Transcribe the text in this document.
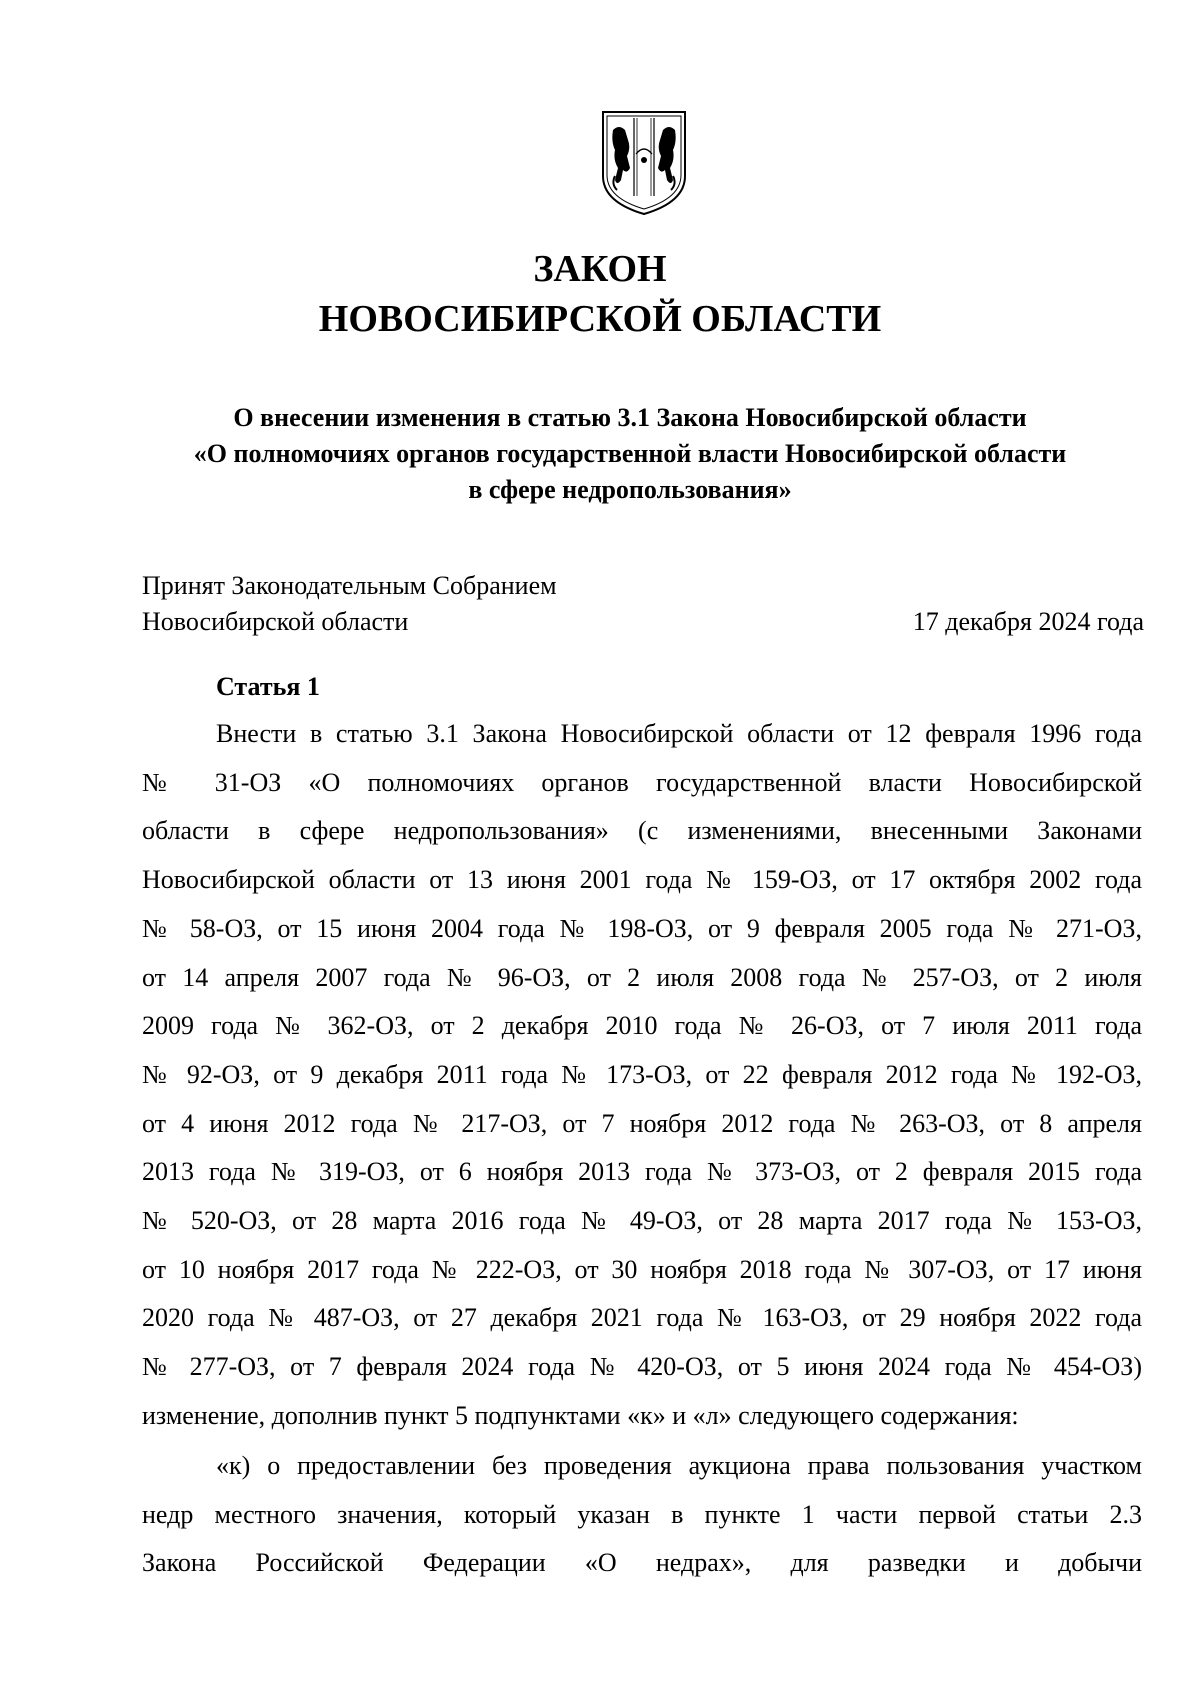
ЗАКОН
НОВОСИБИРСКОЙ ОБЛАСТИ
О внесении изменения в статью 3.1 Закона Новосибирской области
«О полномочиях органов государственной власти Новосибирской области
в сфере недропользования»
Принят Законодательным Собранием
Новосибирской области	17 декабря 2024 года
Статья 1
Внести в статью 3.1 Закона Новосибирской области от 12 февраля 1996 года
№ 31-ОЗ «О полномочиях органов государственной власти Новосибирской
области в сфере недропользования» (с изменениями, внесенными Законами
Новосибирской области от 13 июня 2001 года № 159-ОЗ, от 17 октября 2002 года
№ 58-ОЗ, от 15 июня 2004 года № 198-ОЗ, от 9 февраля 2005 года № 271-ОЗ,
от 14 апреля 2007 года № 96-ОЗ, от 2 июля 2008 года № 257-ОЗ, от 2 июля
2009 года № 362-ОЗ, от 2 декабря 2010 года № 26-ОЗ, от 7 июля 2011 года
№ 92-ОЗ, от 9 декабря 2011 года № 173-ОЗ, от 22 февраля 2012 года № 192-ОЗ,
от 4 июня 2012 года № 217-ОЗ, от 7 ноября 2012 года № 263-ОЗ, от 8 апреля
2013 года № 319-ОЗ, от 6 ноября 2013 года № 373-ОЗ, от 2 февраля 2015 года
№ 520-ОЗ, от 28 марта 2016 года № 49-ОЗ, от 28 марта 2017 года № 153-ОЗ,
от 10 ноября 2017 года № 222-ОЗ, от 30 ноября 2018 года № 307-ОЗ, от 17 июня
2020 года № 487-ОЗ, от 27 декабря 2021 года № 163-ОЗ, от 29 ноября 2022 года
№ 277-ОЗ, от 7 февраля 2024 года № 420-ОЗ, от 5 июня 2024 года № 454-ОЗ)
изменение, дополнив пункт 5 подпунктами «к» и «л» следующего содержания:
«к) о предоставлении без проведения аукциона права пользования участком
недр местного значения, который указан в пункте 1 части первой статьи 2.3
Закона Российской Федерации «О недрах», для разведки и добычи
